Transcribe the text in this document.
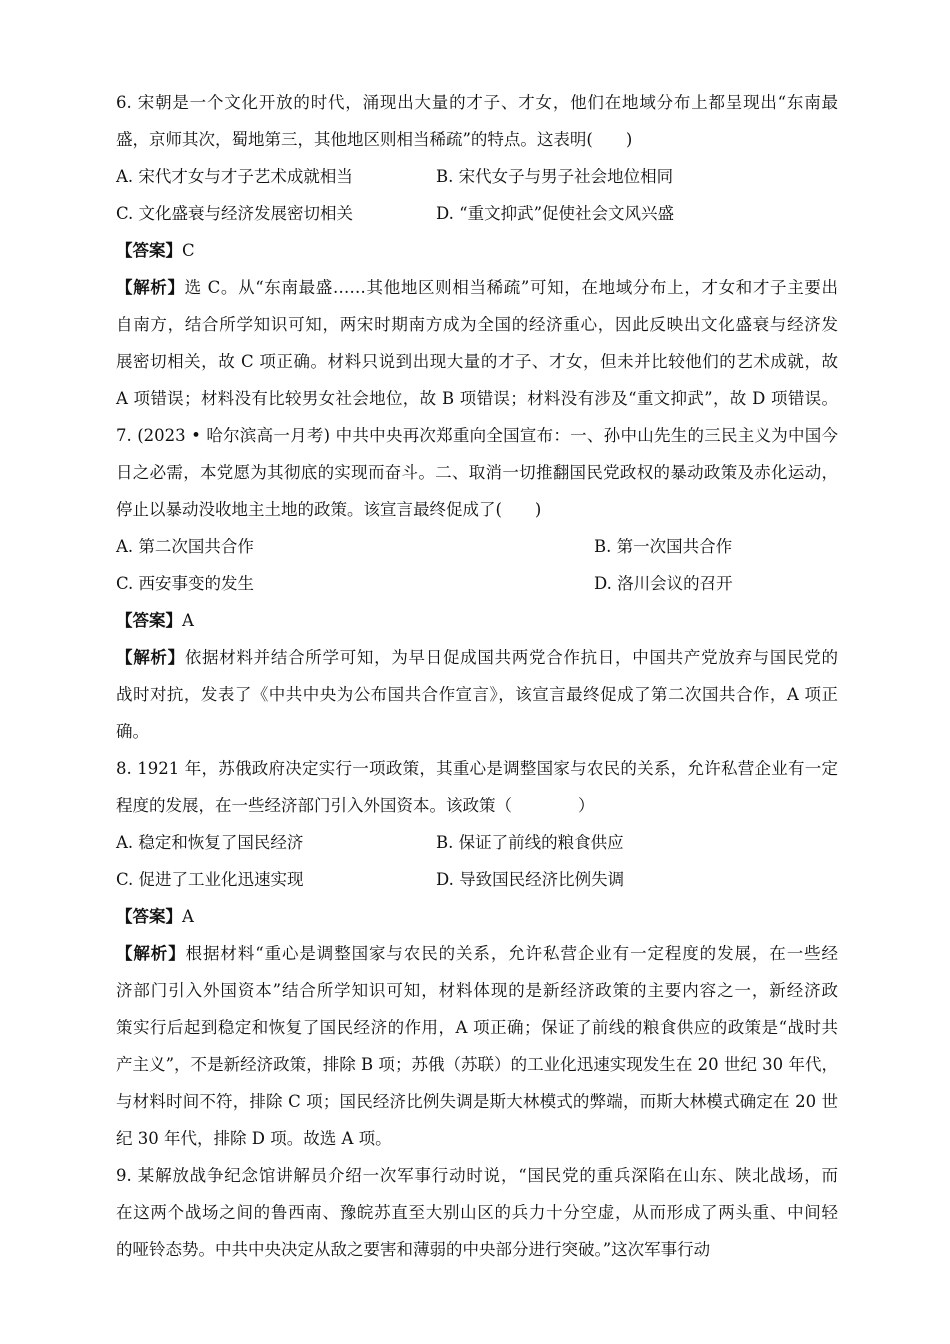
6. 宋朝是一个文化开放的时代，涌现出大量的才子、才女，他们在地域分布上都呈现出“东南最
盛，京师其次，蜀地第三，其他地区则相当稀疏”的特点。这表明(　　)
A. 宋代才女与才子艺术成就相当	B. 宋代女子与男子社会地位相同
C. 文化盛衰与经济发展密切相关	D. “重文抑武”促使社会文风兴盛
【答案】C
【解析】选 C。从“东南最盛……其他地区则相当稀疏”可知，在地域分布上，才女和才子主要出
自南方，结合所学知识可知，两宋时期南方成为全国的经济重心，因此反映出文化盛衰与经济发
展密切相关，故 C 项正确。材料只说到出现大量的才子、才女，但未并比较他们的艺术成就，故
A 项错误；材料没有比较男女社会地位，故 B 项错误；材料没有涉及“重文抑武”，故 D 项错误。
7. (2023 • 哈尔滨高一月考) 中共中央再次郑重向全国宣布：一、孙中山先生的三民主义为中国今
日之必需，本党愿为其彻底的实现而奋斗。二、取消一切推翻国民党政权的暴动政策及赤化运动，
停止以暴动没收地主土地的政策。该宣言最终促成了(　　)
A. 第二次国共合作	B. 第一次国共合作
C. 西安事变的发生	D. 洛川会议的召开
【答案】A
【解析】依据材料并结合所学可知，为早日促成国共两党合作抗日，中国共产党放弃与国民党的
战时对抗，发表了《中共中央为公布国共合作宣言》，该宣言最终促成了第二次国共合作，A 项正
确。
8. 1921 年，苏俄政府决定实行一项政策，其重心是调整国家与农民的关系，允许私营企业有一定
程度的发展，在一些经济部门引入外国资本。该政策（　　　　）
A. 稳定和恢复了国民经济	B. 保证了前线的粮食供应
C. 促进了工业化迅速实现	D. 导致国民经济比例失调
【答案】A
【解析】根据材料“重心是调整国家与农民的关系，允许私营企业有一定程度的发展，在一些经
济部门引入外国资本”结合所学知识可知，材料体现的是新经济政策的主要内容之一，新经济政
策实行后起到稳定和恢复了国民经济的作用，A 项正确；保证了前线的粮食供应的政策是“战时共
产主义”，不是新经济政策，排除 B 项；苏俄（苏联）的工业化迅速实现发生在 20 世纪 30 年代，
与材料时间不符，排除 C 项；国民经济比例失调是斯大林模式的弊端，而斯大林模式确定在 20 世
纪 30 年代，排除 D 项。故选 A 项。
9. 某解放战争纪念馆讲解员介绍一次军事行动时说，“国民党的重兵深陷在山东、陕北战场，而
在这两个战场之间的鲁西南、豫皖苏直至大别山区的兵力十分空虚，从而形成了两头重、中间轻
的哑铃态势。中共中央决定从敌之要害和薄弱的中央部分进行突破。”这次军事行动
